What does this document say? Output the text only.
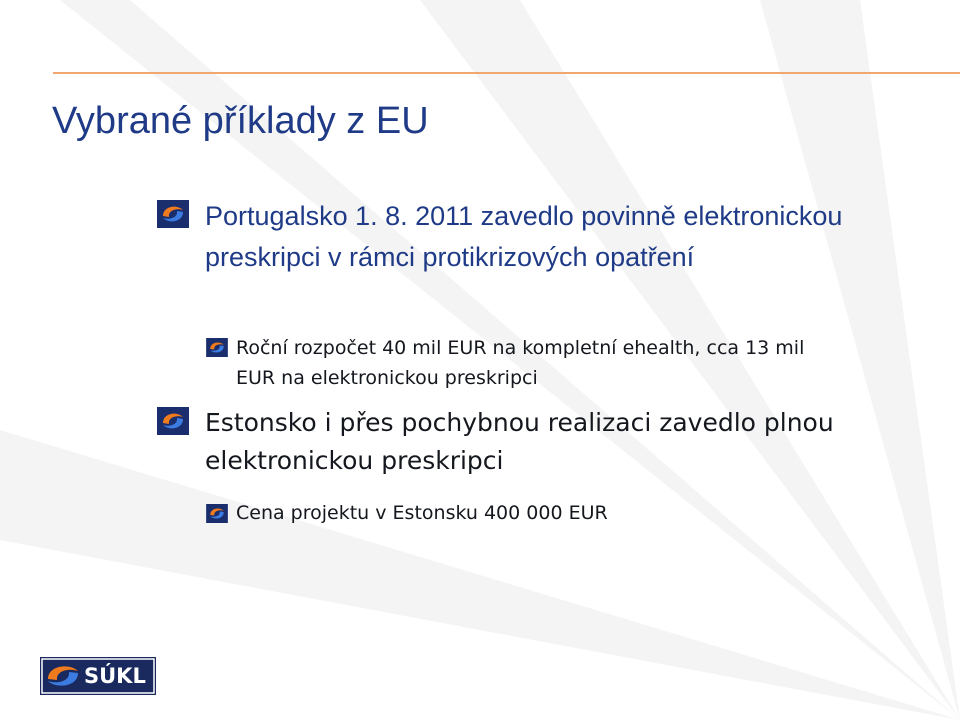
Vybrané příklady z EU
Portugalsko 1. 8. 2011 zavedlo povinně elektronickou preskripci v rámci protikrizových opatření
Roční rozpočet 40 mil EUR na kompletní ehealth, cca 13 mil EUR na elektronickou preskripci
Estonsko i přes pochybnou realizaci zavedlo plnou elektronickou preskripci
Cena projektu v Estonsku 400 000 EUR
SÚKL
